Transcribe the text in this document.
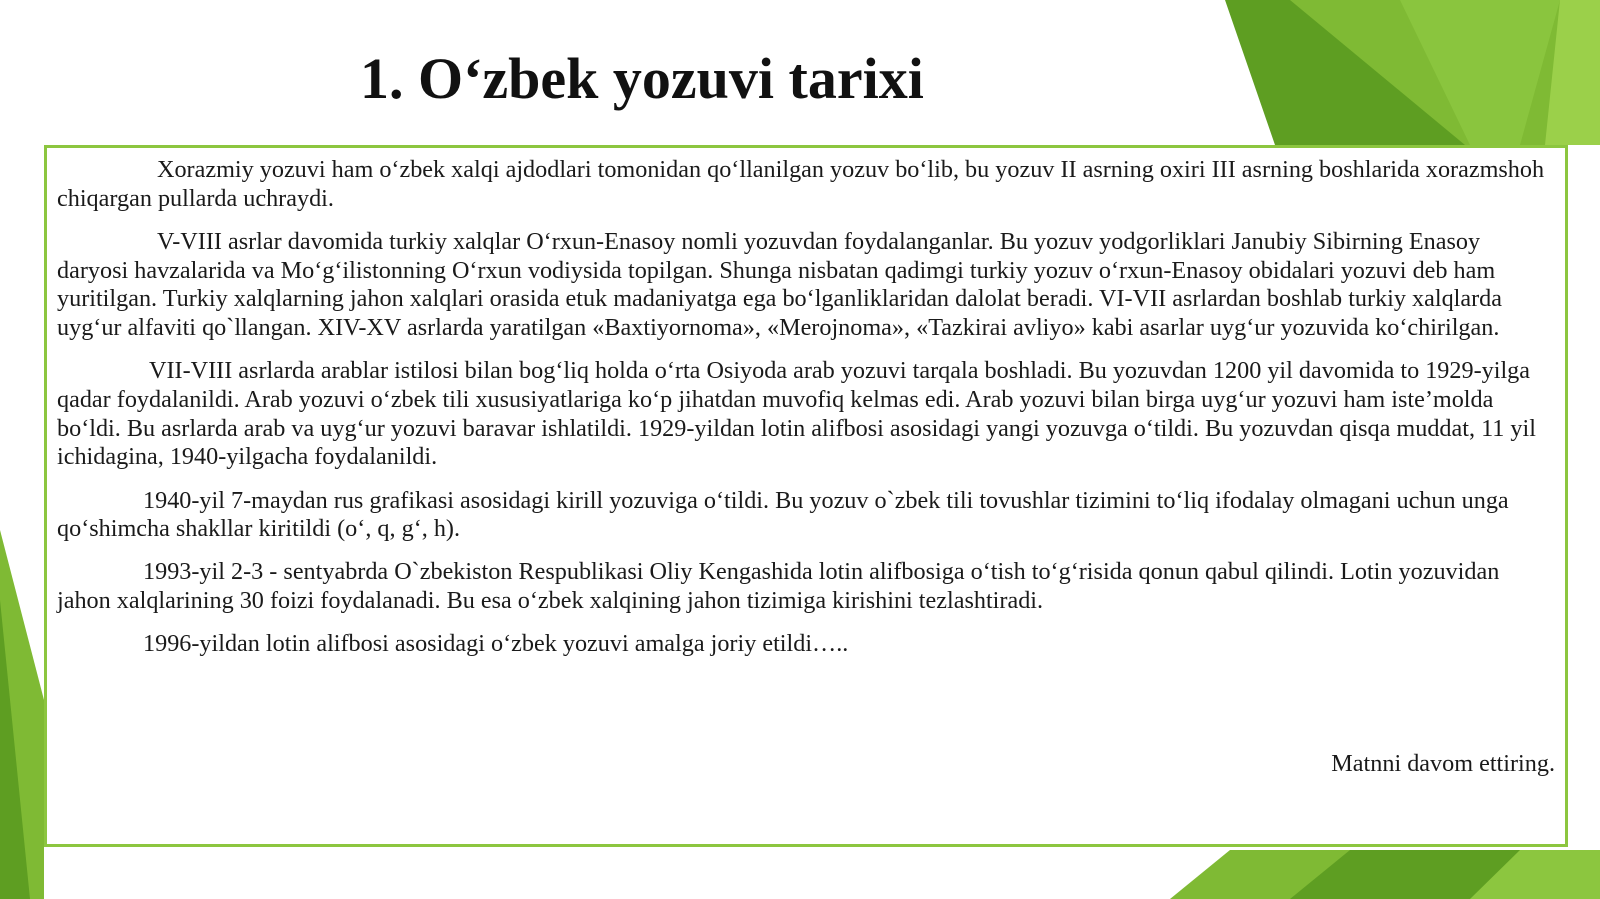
1. O‘zbek yozuvi tarixi

Xorazmiy yozuvi ham o‘zbek xalqi ajdodlari tomonidan qo‘llanilgan yozuv bo‘lib, bu yozuv II asrning oxiri III asrning boshlarida xorazmshoh chiqargan pullarda uchraydi.

V-VIII asrlar davomida turkiy xalqlar O‘rxun-Enasoy nomli yozuvdan foydalanganlar. Bu yozuv yodgorliklari Janubiy Sibirning Enasoy daryosi havzalarida va Mo‘g‘ilistonning O‘rxun vodiysida topilgan. Shunga nisbatan qadimgi turkiy yozuv o‘rxun-Enasoy obidalari yozuvi deb ham yuritilgan. Turkiy xalqlarning jahon xalqlari orasida etuk madaniyatga ega bo‘lganliklaridan dalolat beradi. VI-VII asrlardan boshlab turkiy xalqlarda uyg‘ur alfaviti qo`llangan. XIV-XV asrlarda yaratilgan «Baxtiyornoma», «Merojnoma», «Tazkirai avliyo» kabi asarlar uyg‘ur yozuvida ko‘chirilgan.

VII-VIII asrlarda arablar istilosi bilan bog‘liq holda o‘rta Osiyoda arab yozuvi tarqala boshladi. Bu yozuvdan 1200 yil davomida to 1929-yilga qadar foydalanildi. Arab yozuvi o‘zbek tili xususiyatlariga ko‘p jihatdan muvofiq kelmas edi. Arab yozuvi bilan birga uyg‘ur yozuvi ham iste’molda bo‘ldi. Bu asrlarda arab va uyg‘ur yozuvi baravar ishlatildi. 1929-yildan lotin alifbosi asosidagi yangi yozuvga o‘tildi. Bu yozuvdan qisqa muddat, 11 yil ichidagina, 1940-yilgacha foydalanildi.

1940-yil 7-maydan rus grafikasi asosidagi kirill yozuviga o‘tildi. Bu yozuv o`zbek tili tovushlar tizimini to‘liq ifodalay olmagani uchun unga qo‘shimcha shakllar kiritildi (o‘, q, g‘, h).

1993-yil 2-3 - sentyabrda O`zbekiston Respublikasi Oliy Kengashida lotin alifbosiga o‘tish to‘g‘risida qonun qabul qilindi. Lotin yozuvidan jahon xalqlarining 30 foizi foydalanadi. Bu esa o‘zbek xalqining jahon tizimiga kirishini tezlashtiradi.

1996-yildan lotin alifbosi asosidagi o‘zbek yozuvi amalga joriy etildi…..

Matnni davom ettiring.
